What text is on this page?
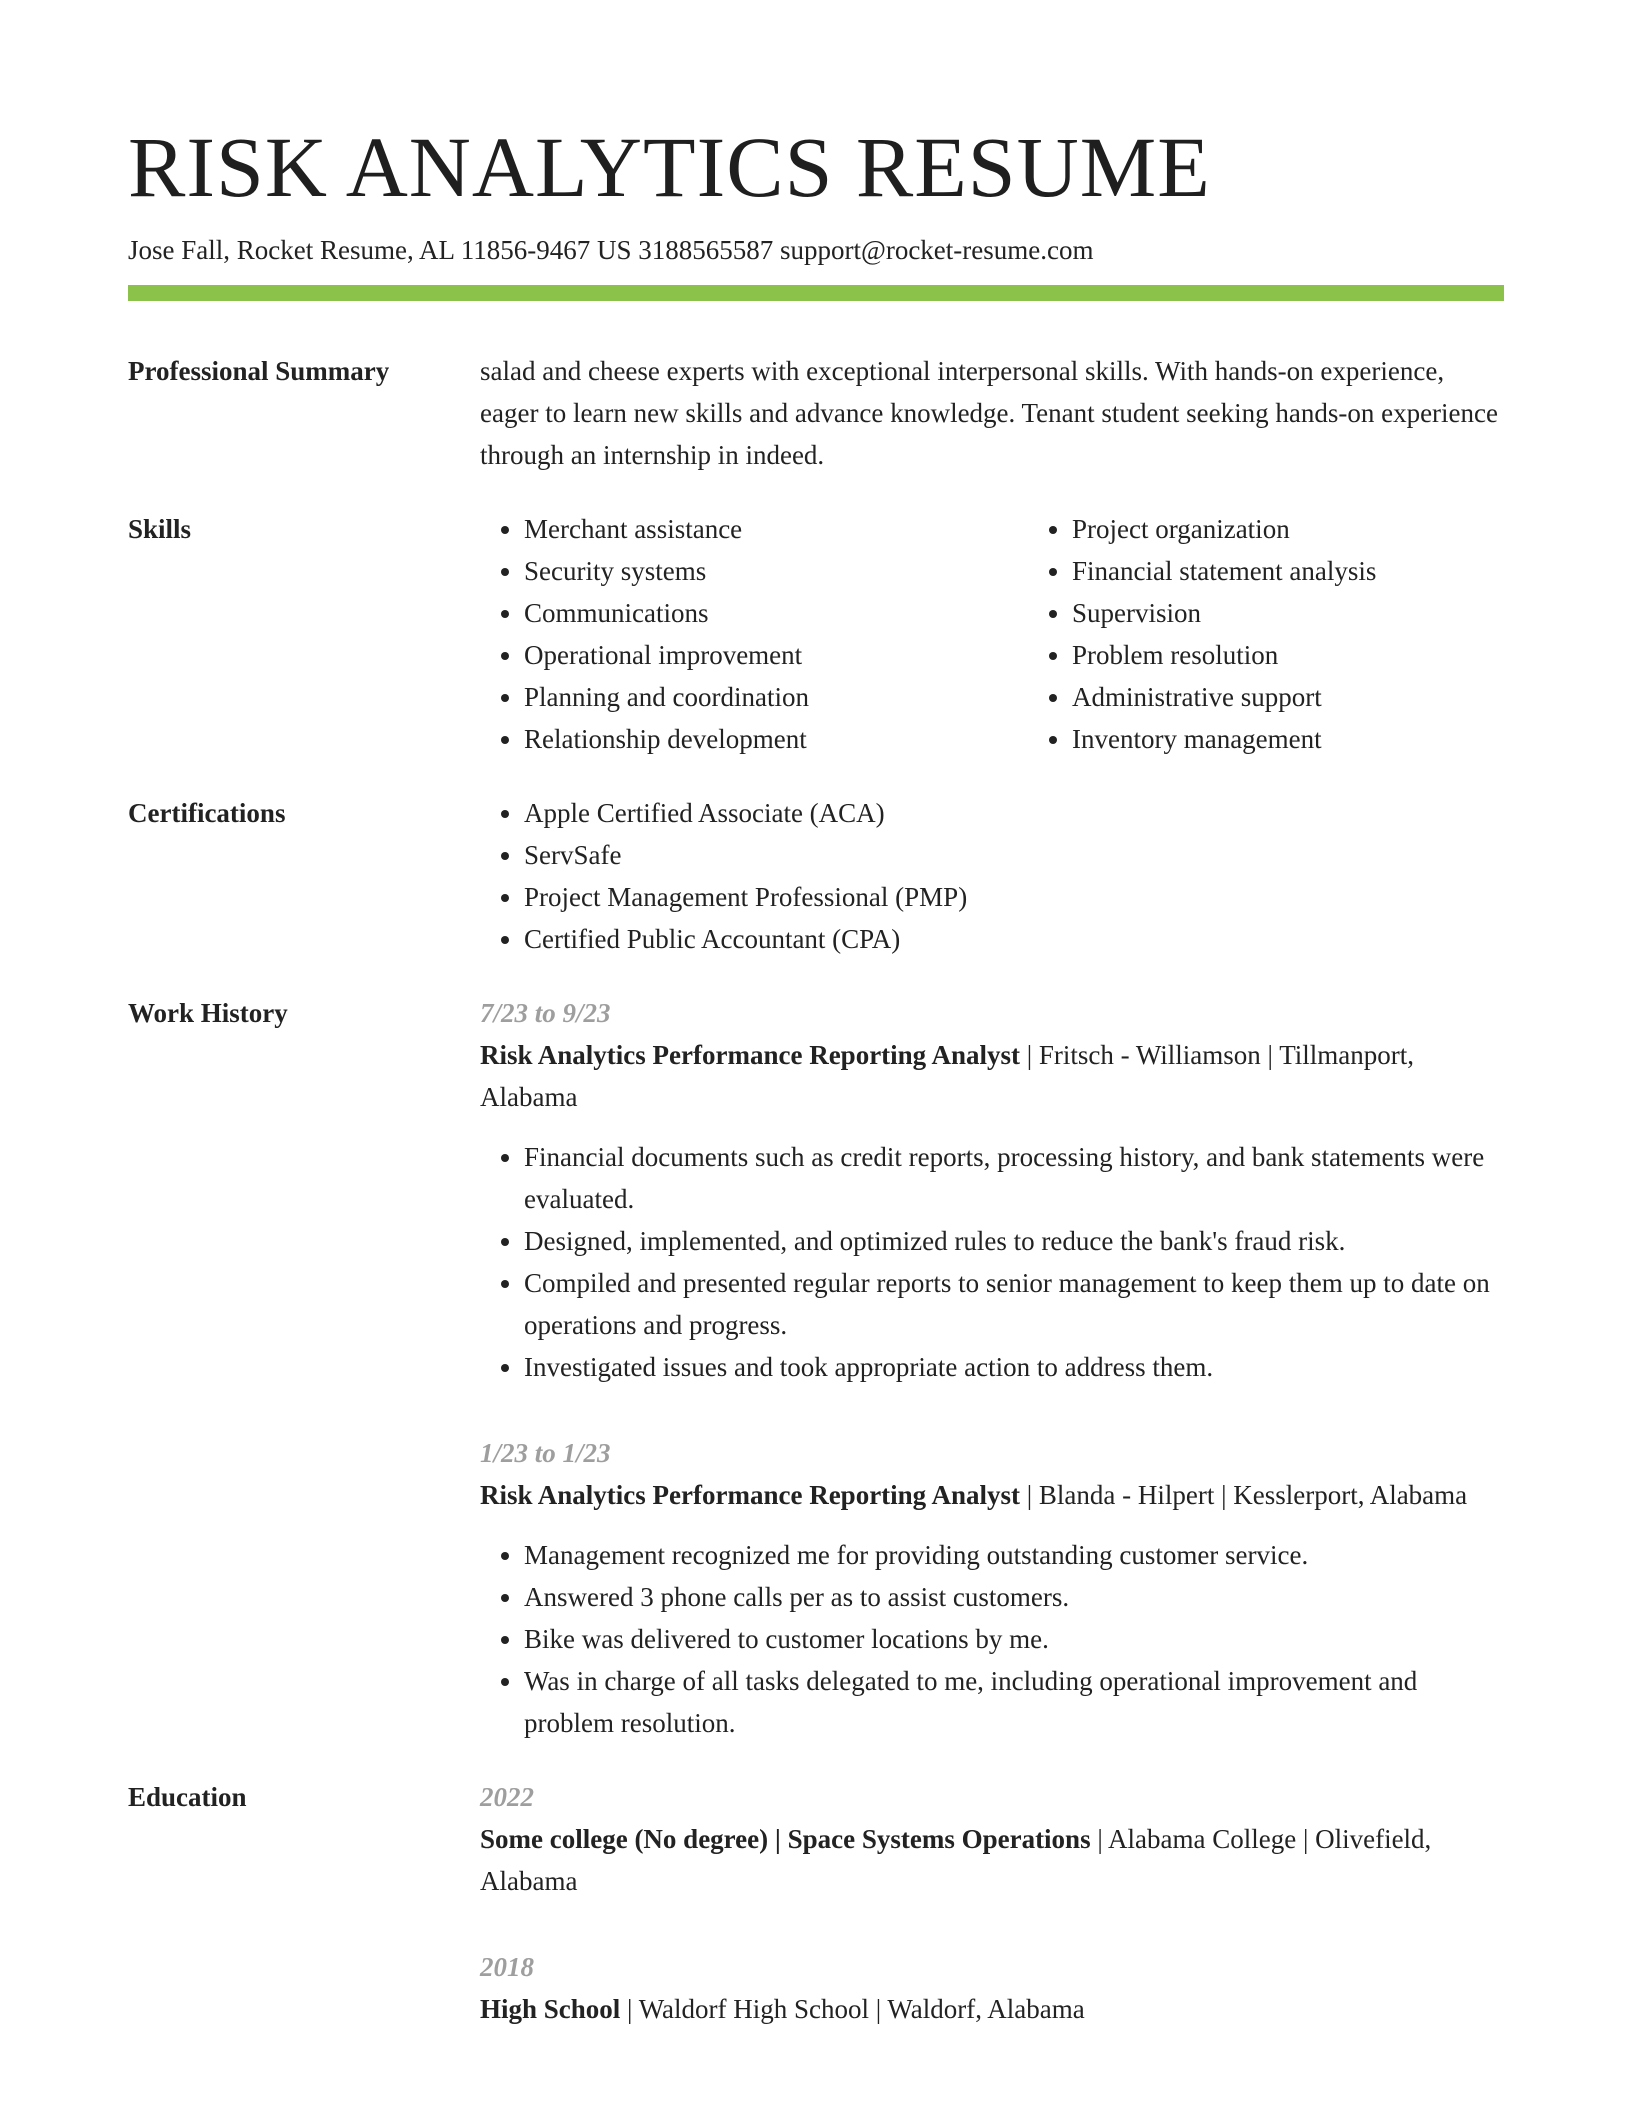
RISK ANALYTICS RESUME
Jose Fall, Rocket Resume, AL 11856-9467 US 3188565587 support@rocket-resume.com
Professional Summary	salad and cheese experts with exceptional interpersonal skills. With hands-on experience, eager to learn new skills and advance knowledge. Tenant student seeking hands-on experience through an internship in indeed.

Skills	• Merchant assistance
• Security systems
• Communications
• Operational improvement
• Planning and coordination
• Relationship development
• Project organization
• Financial statement analysis
• Supervision
• Problem resolution
• Administrative support
• Inventory management
Certifications	• Apple Certified Associate (ACA)
• ServSafe
• Project Management Professional (PMP)
• Certified Public Accountant (CPA)
Work History	7/23 to 9/23

Risk Analytics Performance Reporting Analyst | Fritsch - Williamson | Tillmanport, Alabama

• Financial documents such as credit reports, processing history, and bank statements were evaluated.
• Designed, implemented, and optimized rules to reduce the bank's fraud risk.
• Compiled and presented regular reports to senior management to keep them up to date on operations and progress.
• Investigated issues and took appropriate action to address them.
1/23 to 1/23

Risk Analytics Performance Reporting Analyst | Blanda - Hilpert | Kesslerport, Alabama

• Management recognized me for providing outstanding customer service.
• Answered 3 phone calls per as to assist customers.
• Bike was delivered to customer locations by me.
• Was in charge of all tasks delegated to me, including operational improvement and problem resolution.
Education	2022

Some college (No degree) | Space Systems Operations | Alabama College | Olivefield, Alabama

2018

High School | Waldorf High School | Waldorf, Alabama
